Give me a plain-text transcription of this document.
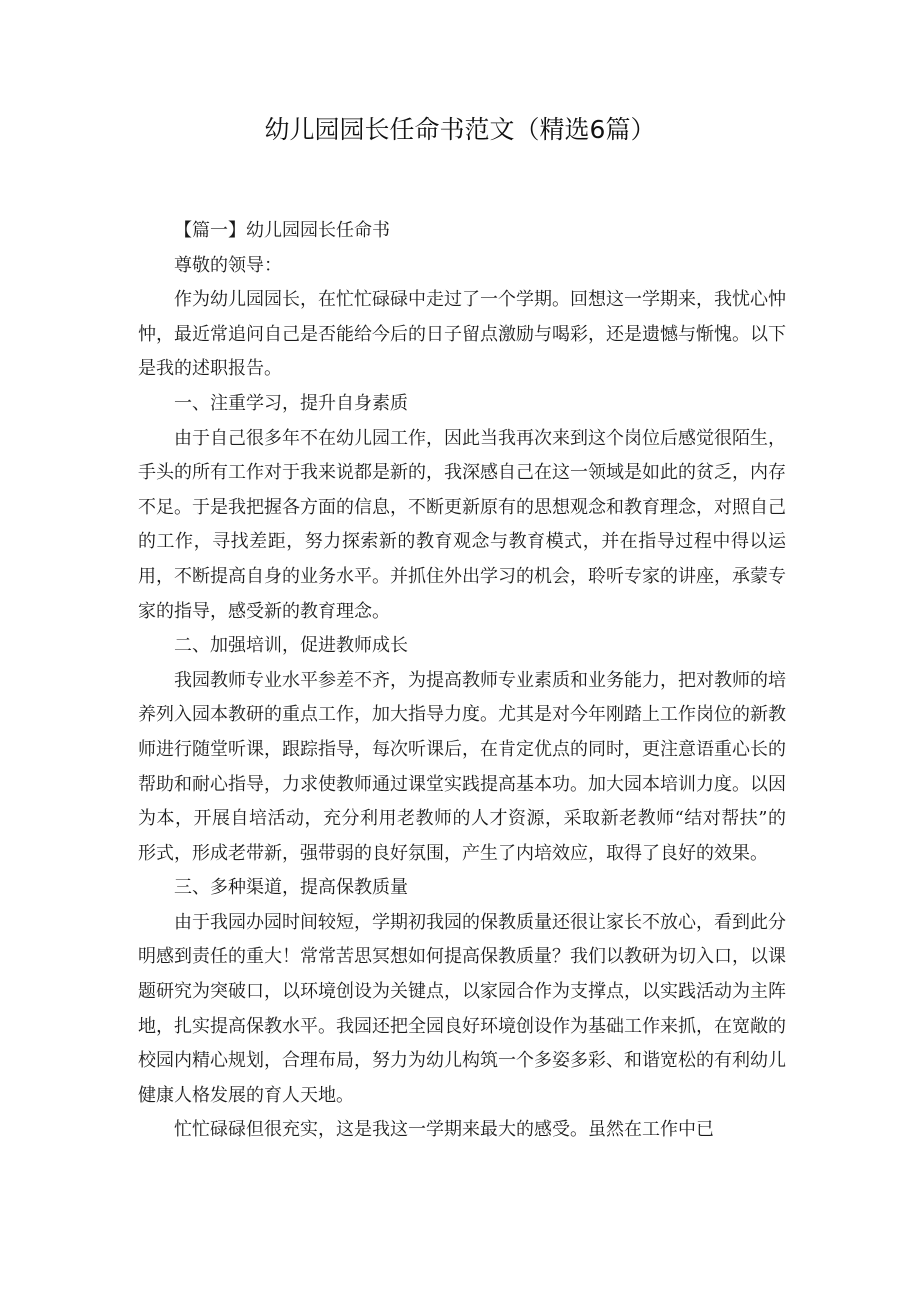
幼儿园园长任命书范文（精选6篇）

【篇一】幼儿园园长任命书

尊敬的领导：

作为幼儿园园长，在忙忙碌碌中走过了一个学期。回想这一学期来，我忧心忡忡，最近常追问自己是否能给今后的日子留点激励与喝彩，还是遗憾与惭愧。以下是我的述职报告。

一、注重学习，提升自身素质

由于自己很多年不在幼儿园工作，因此当我再次来到这个岗位后感觉很陌生，手头的所有工作对于我来说都是新的，我深感自己在这一领域是如此的贫乏，内存不足。于是我把握各方面的信息，不断更新原有的思想观念和教育理念，对照自己的工作，寻找差距，努力探索新的教育观念与教育模式，并在指导过程中得以运用，不断提高自身的业务水平。并抓住外出学习的机会，聆听专家的讲座，承蒙专家的指导，感受新的教育理念。

二、加强培训，促进教师成长

我园教师专业水平参差不齐，为提高教师专业素质和业务能力，把对教师的培养列入园本教研的重点工作，加大指导力度。尤其是对今年刚踏上工作岗位的新教师进行随堂听课，跟踪指导，每次听课后，在肯定优点的同时，更注意语重心长的帮助和耐心指导，力求使教师通过课堂实践提高基本功。加大园本培训力度。以因为本，开展自培活动，充分利用老教师的人才资源，采取新老教师“结对帮扶”的形式，形成老带新，强带弱的良好氛围，产生了内培效应，取得了良好的效果。

三、多种渠道，提高保教质量

由于我园办园时间较短，学期初我园的保教质量还很让家长不放心，看到此分明感到责任的重大！常常苦思冥想如何提高保教质量？我们以教研为切入口，以课题研究为突破口，以环境创设为关键点，以家园合作为支撑点，以实践活动为主阵地，扎实提高保教水平。我园还把全园良好环境创设作为基础工作来抓，在宽敞的校园内精心规划，合理布局，努力为幼儿构筑一个多姿多彩、和谐宽松的有利幼儿健康人格发展的育人天地。

忙忙碌碌但很充实，这是我这一学期来最大的感受。虽然在工作中已
